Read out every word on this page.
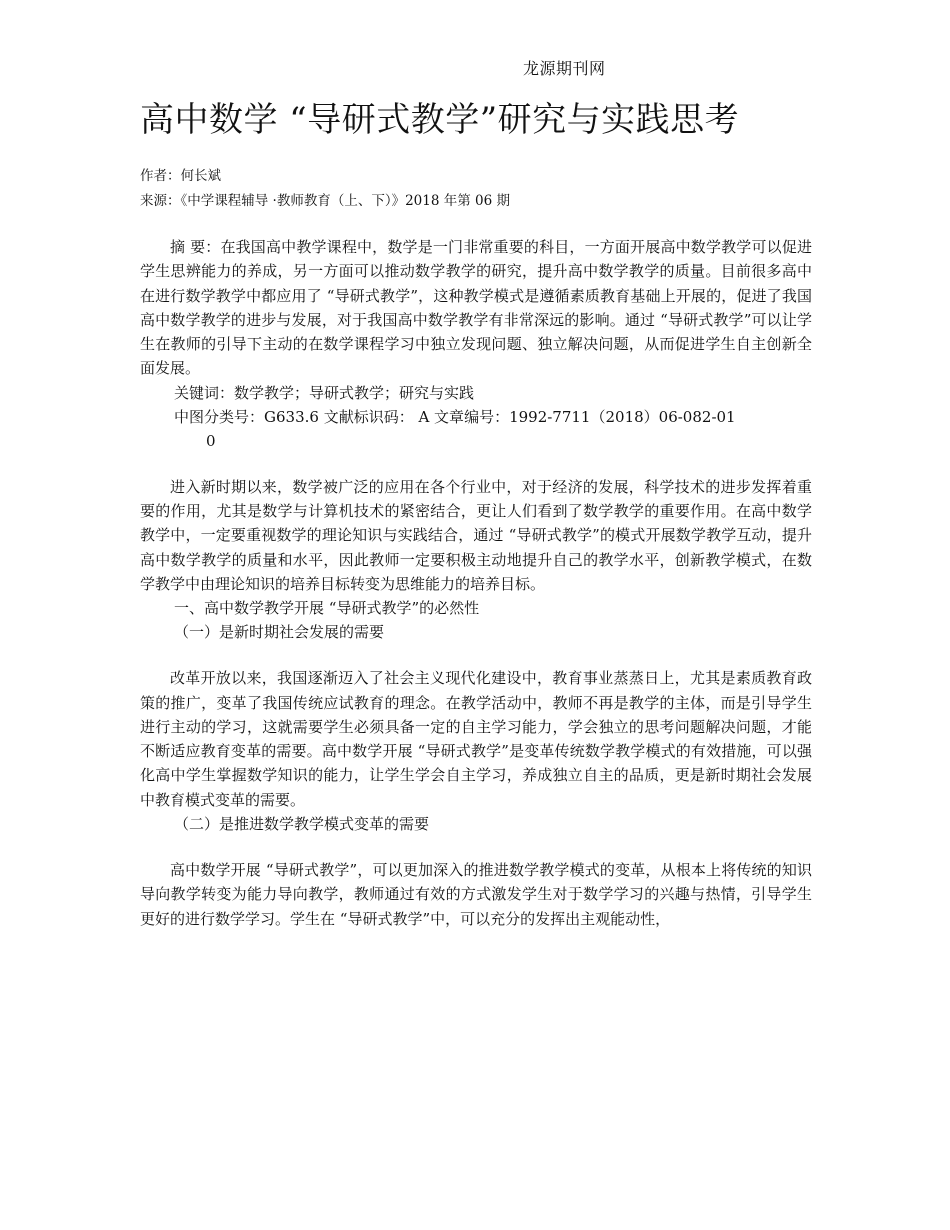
龙源期刊网
高中数学 “导研式教学”研究与实践思考
作者：何长斌
来源：《中学课程辅导 ·教师教育（上、下）》2018 年第 06 期

摘 要：在我国高中教学课程中，数学是一门非常重要的科目，一方面开展高中数学教学可以促进学生思辨能力的养成，另一方面可以推动数学教学的研究，提升高中数学教学的质量。目前很多高中在进行数学教学中都应用了 “导研式教学”，这种教学模式是遵循素质教育基础上开展的，促进了我国高中数学教学的进步与发展，对于我国高中数学教学有非常深远的影响。通过 “导研式教学”可以让学生在教师的引导下主动的在数学课程学习中独立发现问题、独立解决问题，从而促进学生自主创新全面发展。

关键词：数学教学；导研式教学；研究与实践

中图分类号：G633.6 文献标识码： A 文章编号：1992-7711（2018）06-082-01

0

进入新时期以来，数学被广泛的应用在各个行业中，对于经济的发展，科学技术的进步发挥着重要的作用，尤其是数学与计算机技术的紧密结合，更让人们看到了数学教学的重要作用。在高中数学教学中，一定要重视数学的理论知识与实践结合，通过 “导研式教学”的模式开展数学教学互动，提升高中数学教学的质量和水平，因此教师一定要积极主动地提升自己的教学水平，创新教学模式，在数学教学中由理论知识的培养目标转变为思维能力的培养目标。

一、高中数学教学开展 “导研式教学”的必然性

（一）是新时期社会发展的需要

改革开放以来，我国逐渐迈入了社会主义现代化建设中，教育事业蒸蒸日上，尤其是素质教育政策的推广，变革了我国传统应试教育的理念。在教学活动中，教师不再是教学的主体，而是引导学生进行主动的学习，这就需要学生必须具备一定的自主学习能力，学会独立的思考问题解决问题，才能不断适应教育变革的需要。高中数学开展 “导研式教学”是变革传统数学教学模式的有效措施，可以强化高中学生掌握数学知识的能力，让学生学会自主学习，养成独立自主的品质，更是新时期社会发展中教育模式变革的需要。

（二）是推进数学教学模式变革的需要

高中数学开展 “导研式教学”，可以更加深入的推进数学教学模式的变革，从根本上将传统的知识导向教学转变为能力导向教学，教师通过有效的方式激发学生对于数学学习的兴趣与热情，引导学生更好的进行数学学习。学生在 “导研式教学”中，可以充分的发挥出主观能动性，
